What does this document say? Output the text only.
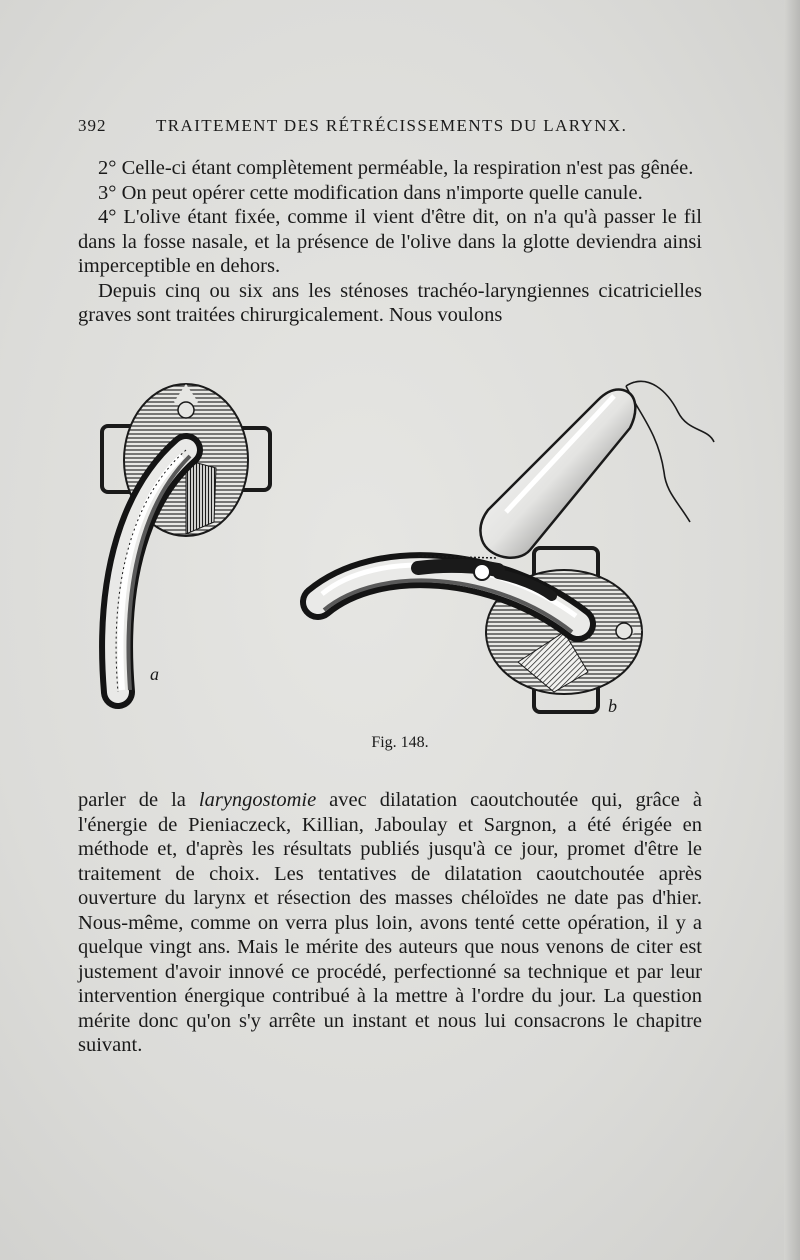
392	TRAITEMENT DES RÉTRÉCISSEMENTS DU LARYNX.

2° Celle-ci étant complètement perméable, la respiration n'est pas gênée.

3° On peut opérer cette modification dans n'importe quelle canule.

4° L'olive étant fixée, comme il vient d'être dit, on n'a qu'à passer le fil dans la fosse nasale, et la présence de l'olive dans la glotte deviendra ainsi imperceptible en dehors.

Depuis cinq ou six ans les sténoses trachéo-laryngiennes cicatricielles graves sont traitées chirurgicalement. Nous voulons

a
b
Fig. 148.

parler de la laryngostomie avec dilatation caoutchoutée qui, grâce à l'énergie de Pieniaczeck, Killian, Jaboulay et Sargnon, a été érigée en méthode et, d'après les résultats publiés jusqu'à ce jour, promet d'être le traitement de choix. Les tentatives de dilatation caoutchoutée après ouverture du larynx et résection des masses chéloïdes ne date pas d'hier. Nous-même, comme on verra plus loin, avons tenté cette opération, il y a quelque vingt ans. Mais le mérite des auteurs que nous venons de citer est justement d'avoir innové ce procédé, perfectionné sa technique et par leur intervention énergique contribué à la mettre à l'ordre du jour. La question mérite donc qu'on s'y arrête un instant et nous lui consacrons le chapitre suivant.
